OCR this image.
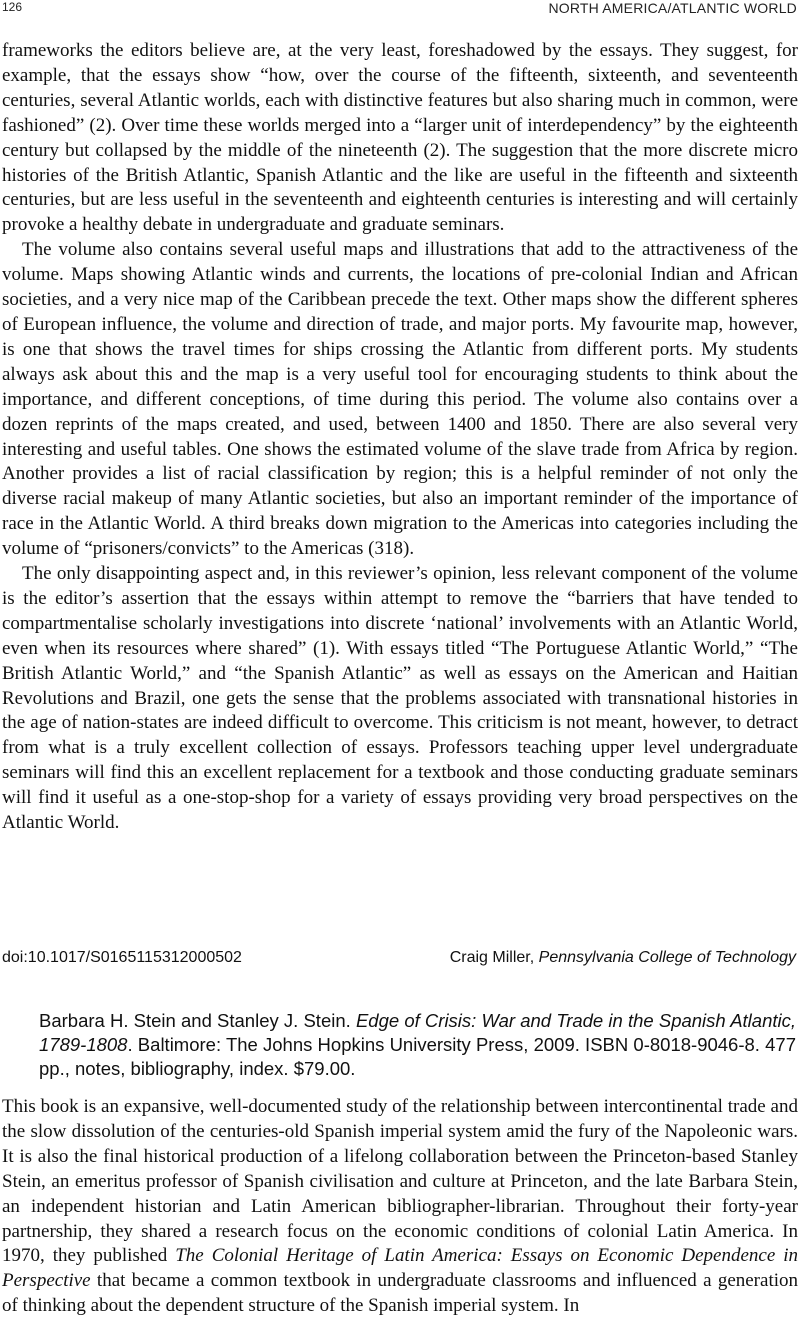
126	NORTH AMERICA/ATLANTIC WORLD

frameworks the editors believe are, at the very least, foreshadowed by the essays. They suggest, for example, that the essays show “how, over the course of the fifteenth, sixteenth, and seventeenth centuries, several Atlantic worlds, each with distinctive features but also sharing much in common, were fashioned” (2). Over time these worlds merged into a “larger unit of interdependency” by the eighteenth century but collapsed by the middle of the nineteenth (2). The suggestion that the more discrete micro histories of the British Atlantic, Spanish Atlantic and the like are useful in the fifteenth and sixteenth centuries, but are less useful in the seventeenth and eighteenth centuries is interesting and will certainly provoke a healthy debate in undergraduate and graduate seminars.

The volume also contains several useful maps and illustrations that add to the attractiveness of the volume. Maps showing Atlantic winds and currents, the locations of pre-colonial Indian and African societies, and a very nice map of the Caribbean precede the text. Other maps show the different spheres of European influence, the volume and direction of trade, and major ports. My favourite map, however, is one that shows the travel times for ships crossing the Atlantic from different ports. My students always ask about this and the map is a very useful tool for encouraging students to think about the importance, and different conceptions, of time during this period. The volume also contains over a dozen reprints of the maps created, and used, between 1400 and 1850. There are also several very interesting and useful tables. One shows the estimated volume of the slave trade from Africa by region. Another provides a list of racial classification by region; this is a helpful reminder of not only the diverse racial makeup of many Atlantic societies, but also an important reminder of the importance of race in the Atlantic World. A third breaks down migration to the Americas into categories including the volume of “prisoners/convicts” to the Americas (318).

The only disappointing aspect and, in this reviewer’s opinion, less relevant component of the volume is the editor’s assertion that the essays within attempt to remove the “barriers that have tended to compartmentalise scholarly investigations into discrete ‘national’ involvements with an Atlantic World, even when its resources where shared” (1). With essays titled “The Portuguese Atlantic World,” “The British Atlantic World,” and “the Spanish Atlantic” as well as essays on the American and Haitian Revolutions and Brazil, one gets the sense that the problems associated with transnational histories in the age of nation-states are indeed difficult to overcome. This criticism is not meant, however, to detract from what is a truly excellent collection of essays. Professors teaching upper level undergraduate seminars will find this an excellent replacement for a textbook and those conducting graduate seminars will find it useful as a one-stop-shop for a variety of essays providing very broad perspectives on the Atlantic World.

doi:10.1017/S0165115312000502	Craig Miller, Pennsylvania College of Technology
Barbara H. Stein and Stanley J. Stein. Edge of Crisis: War and Trade in the Spanish Atlantic, 1789-1808. Baltimore: The Johns Hopkins University Press, 2009. ISBN 0-8018-9046-8. 477 pp., notes, bibliography, index. $79.00.

This book is an expansive, well-documented study of the relationship between intercontinental trade and the slow dissolution of the centuries-old Spanish imperial system amid the fury of the Napoleonic wars. It is also the final historical production of a lifelong collaboration between the Princeton-based Stanley Stein, an emeritus professor of Spanish civilisation and culture at Princeton, and the late Barbara Stein, an independent historian and Latin American bibliographer-librarian. Throughout their forty-year partnership, they shared a research focus on the economic conditions of colonial Latin America. In 1970, they published The Colonial Heritage of Latin America: Essays on Economic Dependence in Perspective that became a common textbook in undergraduate classrooms and influenced a generation of thinking about the dependent structure of the Spanish imperial system. In
